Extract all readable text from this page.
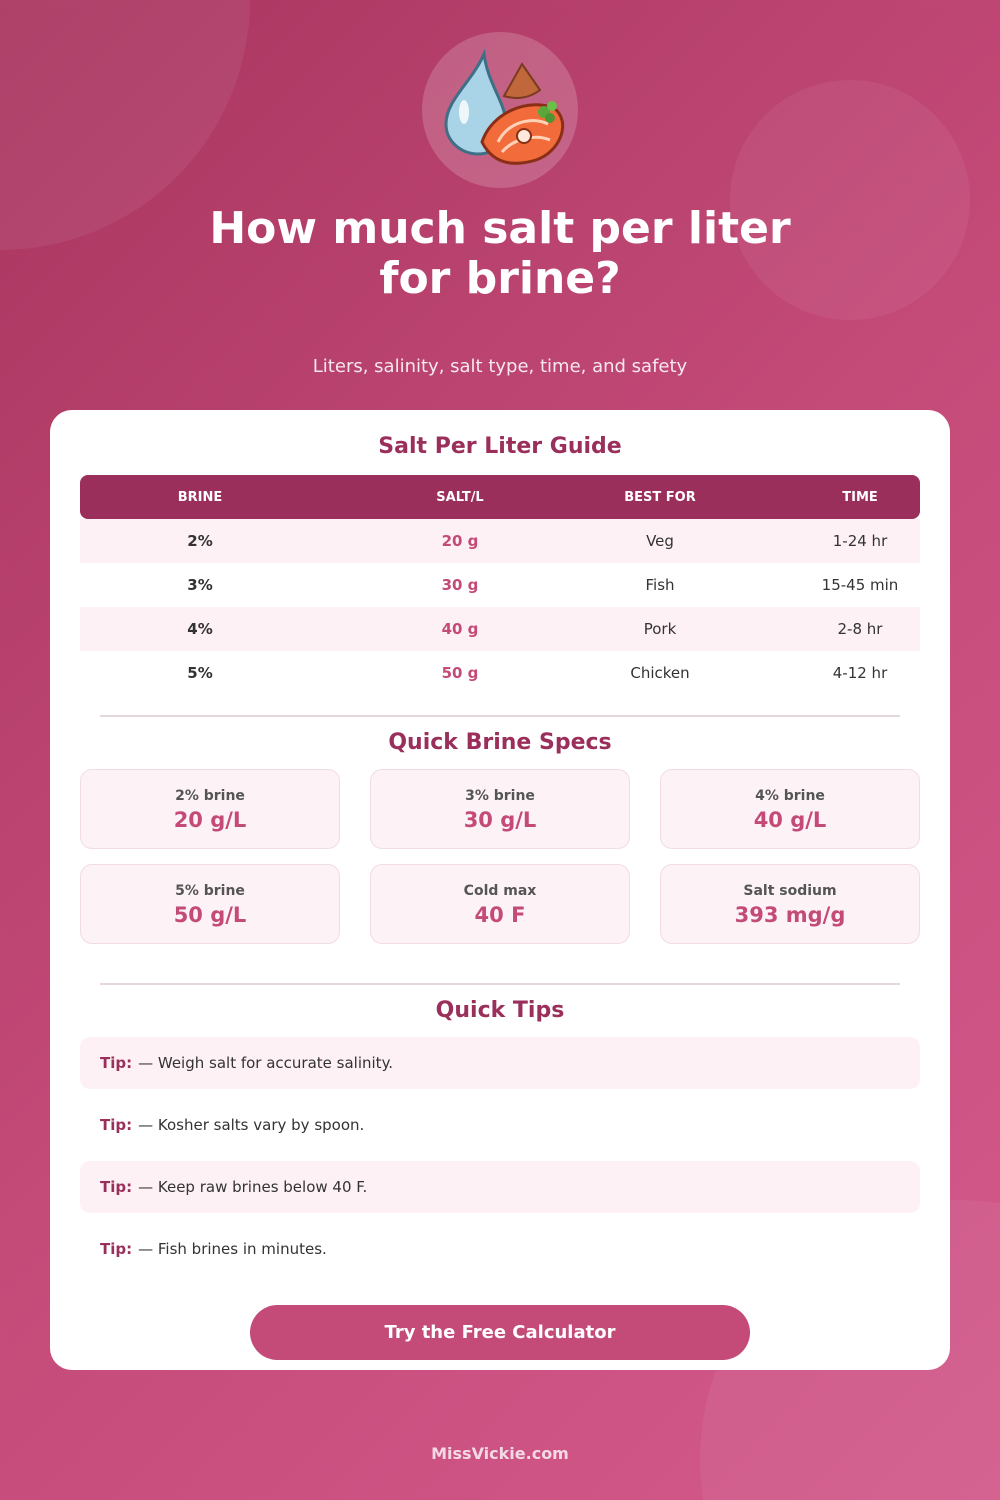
How much salt per liter
for brine?
Liters, salinity, salt type, time, and safety
Salt Per Liter Guide
BRINE	SALT/L	BEST FOR	TIME
2%	20 g	Veg	1-24 hr
3%	30 g	Fish	15-45 min
4%	40 g	Pork	2-8 hr
5%	50 g	Chicken	4-12 hr
Quick Brine Specs
2% brine
20 g/L
3% brine
30 g/L
4% brine
40 g/L
5% brine
50 g/L
Cold max
40 F
Salt sodium
393 mg/g
Quick Tips
Tip: — Weigh salt for accurate salinity.
Tip: — Kosher salts vary by spoon.
Tip: — Keep raw brines below 40 F.
Tip: — Fish brines in minutes.
Try the Free Calculator
MissVickie.com
